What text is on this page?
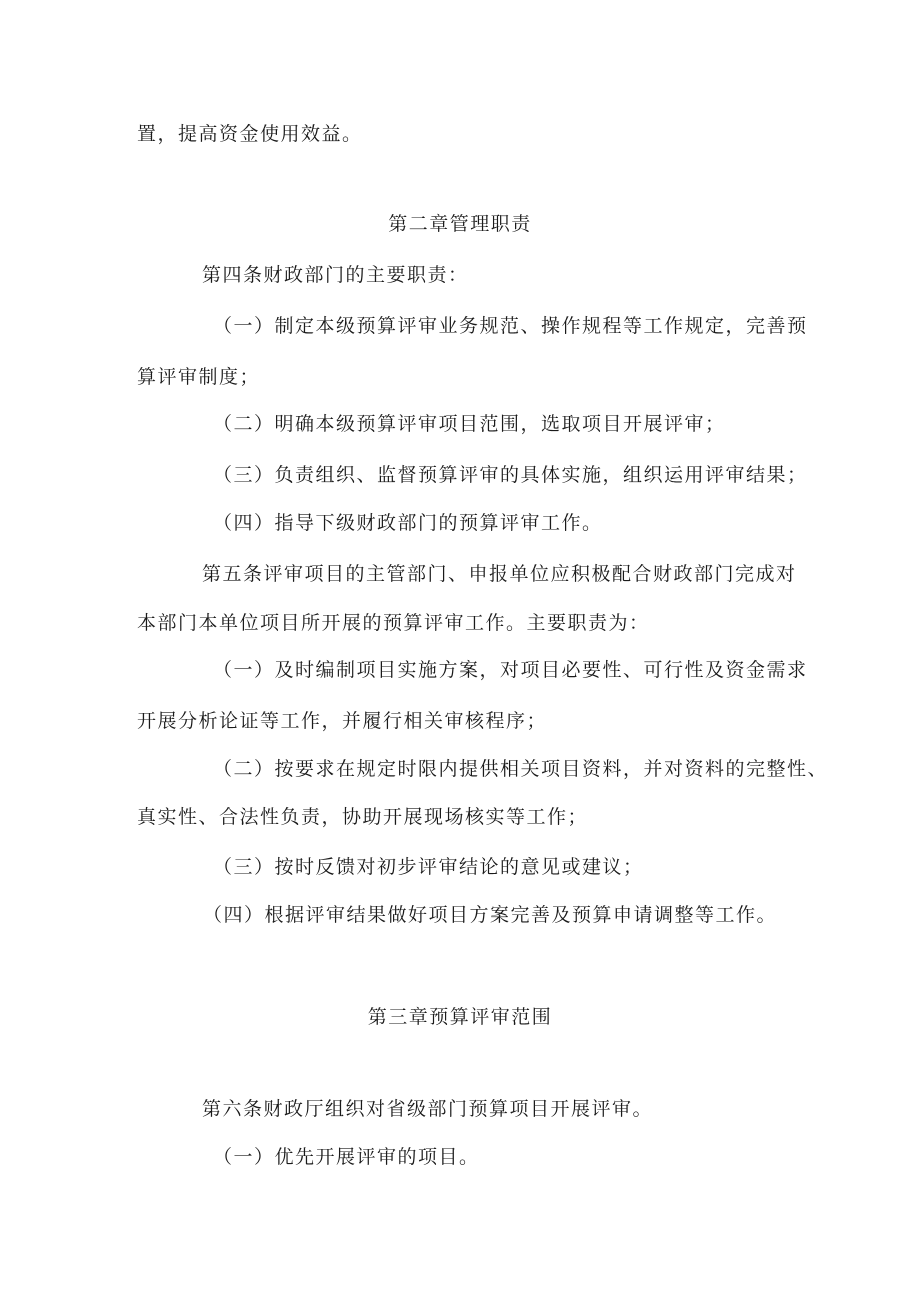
置，提高资金使用效益。
第二章管理职责
第四条财政部门的主要职责：
（一）制定本级预算评审业务规范、操作规程等工作规定，完善预
算评审制度；
（二）明确本级预算评审项目范围，选取项目开展评审；
（三）负责组织、监督预算评审的具体实施，组织运用评审结果；
（四）指导下级财政部门的预算评审工作。
第五条评审项目的主管部门、申报单位应积极配合财政部门完成对
本部门本单位项目所开展的预算评审工作。主要职责为：
（一）及时编制项目实施方案，对项目必要性、可行性及资金需求
开展分析论证等工作，并履行相关审核程序；
（二）按要求在规定时限内提供相关项目资料，并对资料的完整性、
真实性、合法性负责，协助开展现场核实等工作；
（三）按时反馈对初步评审结论的意见或建议；
（四）根据评审结果做好项目方案完善及预算申请调整等工作。
第三章预算评审范围
第六条财政厅组织对省级部门预算项目开展评审。
（一）优先开展评审的项目。
